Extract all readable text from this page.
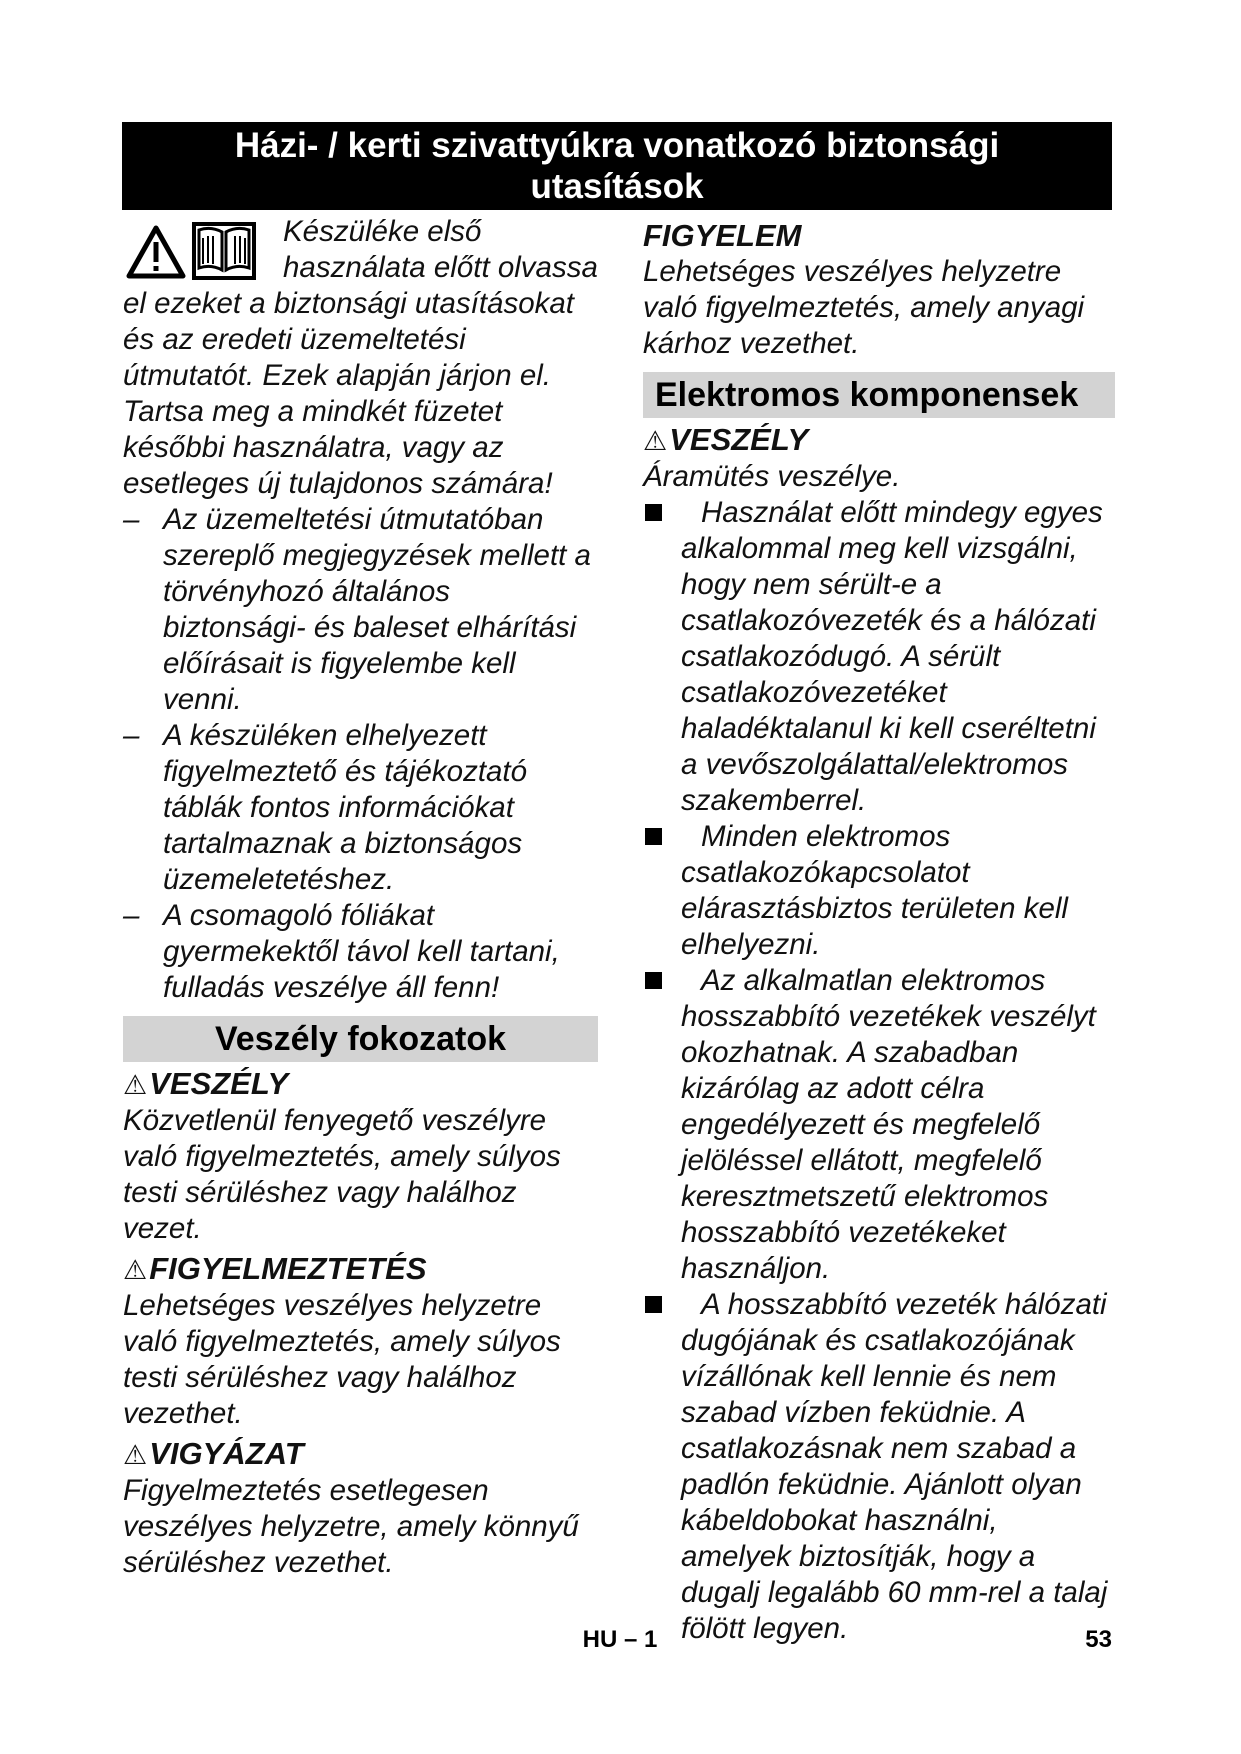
Házi- / kerti szivattyúkra vonatkozó biztonsági utasítások

Készüléke első használata előtt olvassa el ezeket a biztonsági utasításokat és az eredeti üzemeltetési útmutatót. Ezek alapján járjon el. Tartsa meg a mindkét füzetet későbbi használatra, vagy az esetleges új tulajdonos számára!

– Az üzemeltetési útmutatóban szereplő megjegyzések mellett a törvényhozó általános biztonsági- és baleset elhárítási előírásait is figyelembe kell venni.

– A készüléken elhelyezett figyelmeztető és tájékoztató táblák fontos információkat tartalmaznak a biztonságos üzemeletetéshez.

– A csomagoló fóliákat gyermekektől távol kell tartani, fulladás veszélye áll fenn!

Veszély fokozatok

⚠VESZÉLY

Közvetlenül fenyegető veszélyre való figyelmeztetés, amely súlyos testi sérüléshez vagy halálhoz vezet.

⚠FIGYELMEZTETÉS

Lehetséges veszélyes helyzetre való figyelmeztetés, amely súlyos testi sérüléshez vagy halálhoz vezethet.

⚠VIGYÁZAT

Figyelmeztetés esetlegesen veszélyes helyzetre, amely könnyű sérüléshez vezethet.

FIGYELEM

Lehetséges veszélyes helyzetre való figyelmeztetés, amely anyagi kárhoz vezethet.

Elektromos komponensek

⚠VESZÉLY

Áramütés veszélye.

Használat előtt mindegy egyes alkalommal meg kell vizsgálni, hogy nem sérült-e a csatlakozóvezeték és a hálózati csatlakozódugó. A sérült csatlakozóvezetéket haladéktalanul ki kell cseréltetni a vevőszolgálattal/elektromos szakemberrel.

Minden elektromos csatlakozókapcsolatot elárasztásbiztos területen kell elhelyezni.

Az alkalmatlan elektromos hosszabbító vezetékek veszélyt okozhatnak. A szabadban kizárólag az adott célra engedélyezett és megfelelő jelöléssel ellátott, megfelelő keresztmetszetű elektromos hosszabbító vezetékeket használjon.

A hosszabbító vezeték hálózati dugójának és csatlakozójának vízállónak kell lennie és nem szabad vízben feküdnie. A csatlakozásnak nem szabad a padlón feküdnie. Ajánlott olyan kábeldobokat használni, amelyek biztosítják, hogy a dugalj legalább 60 mm-rel a talaj fölött legyen.

HU – 1	53
